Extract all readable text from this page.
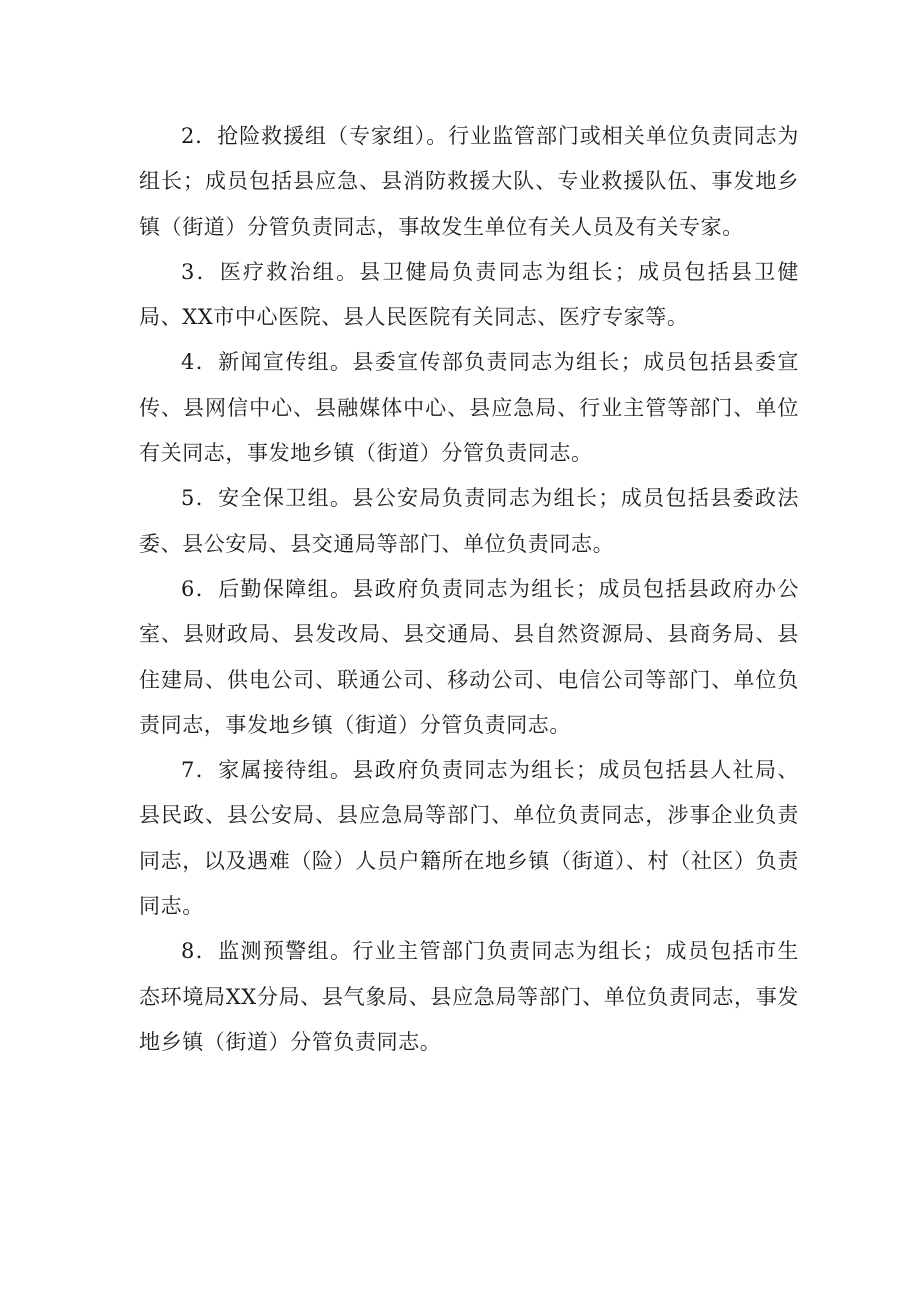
2．抢险救援组（专家组）。行业监管部门或相关单位负责同志为组长；成员包括县应急、县消防救援大队、专业救援队伍、事发地乡镇（街道）分管负责同志，事故发生单位有关人员及有关专家。

3．医疗救治组。县卫健局负责同志为组长；成员包括县卫健局、XX市中心医院、县人民医院有关同志、医疗专家等。

4．新闻宣传组。县委宣传部负责同志为组长；成员包括县委宣传、县网信中心、县融媒体中心、县应急局、行业主管等部门、单位有关同志，事发地乡镇（街道）分管负责同志。

5．安全保卫组。县公安局负责同志为组长；成员包括县委政法委、县公安局、县交通局等部门、单位负责同志。

6．后勤保障组。县政府负责同志为组长；成员包括县政府办公室、县财政局、县发改局、县交通局、县自然资源局、县商务局、县住建局、供电公司、联通公司、移动公司、电信公司等部门、单位负责同志，事发地乡镇（街道）分管负责同志。

7．家属接待组。县政府负责同志为组长；成员包括县人社局、县民政、县公安局、县应急局等部门、单位负责同志，涉事企业负责同志，以及遇难（险）人员户籍所在地乡镇（街道）、村（社区）负责同志。

8．监测预警组。行业主管部门负责同志为组长；成员包括市生态环境局XX分局、县气象局、县应急局等部门、单位负责同志，事发地乡镇（街道）分管负责同志。
